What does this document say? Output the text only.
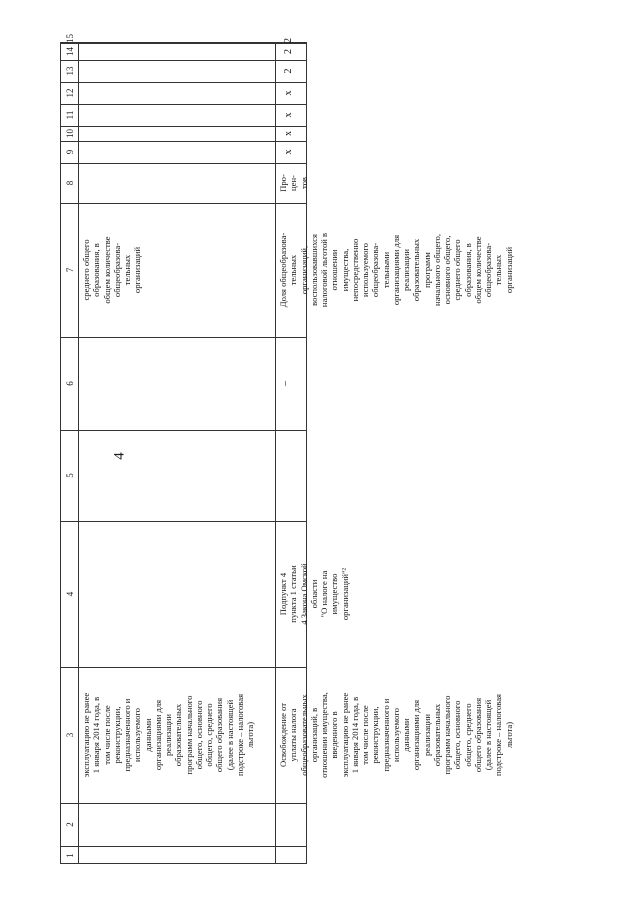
4
1
2
3
4
5
6
7
8
9
10
11
12
13
14
15
эксплуатацию не ранее
1 января 2014 года, в
том числе после
реконструкции,
предназначенного и
используемого
данными
организациями для
реализации
образовательных
программ начального
общего, основного
общего, среднего
общего образования
(далее в настоящей
подстроке – налоговая
льгота)
среднего общего
образования, в
общем количестве
общеобразова-
тельных
организаций
Освобождение от
уплаты налога
общеобразовательных
организаций, в
отношении имущества,
введенного в
эксплуатацию не ранее
1 января 2014 года, в
том числе после
реконструкции,
предназначенного и
используемого
данными
организациями для
реализации
образовательных
программ начального
общего, основного
общего, среднего
общего образования
(далее в настоящей
подстроке – налоговая
льгота)
Подпункт 4
пункта 1 статьи
4 Закона Омской
области
"О налоге на
имущество
организаций"²
–
Доля общеобразова-
тельных
организаций,
воспользовавшихся
налоговой льготой в
отношении
имущества,
непосредственно
используемого
общеобразова-
тельными
организациями для
реализации
образовательных
программ
начального общего,
основного общего,
среднего общего
образования, в
общем количестве
общеобразова-
тельных
организаций
Про-
цен-
тов
x
x
x
x
2
2
2
